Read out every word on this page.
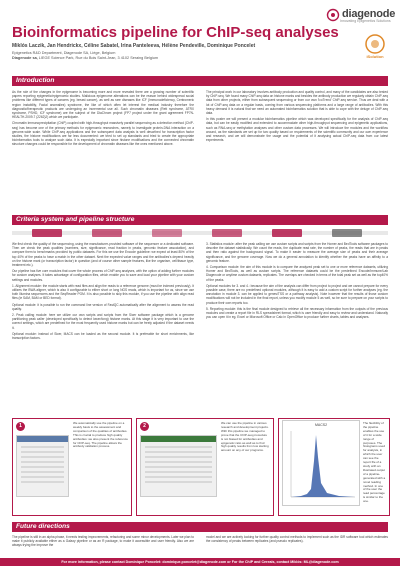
diagenode
Innovating Epigenetics Solutions
Bioinformatics pipeline for ChIP-seq analyses
Miklós Laczik, Jan Hendrickx, Céline Sabatel, Irina Panteleeva, Hélène Pendeville, Dominique Poncelet
Epigenetics R&D Department, Diagenode SA, Liège, Belgium
Diagenode sa, LIEGE Science Park, Rue du Bois Saint-Jean, 3 4102 Seraing Belgium	iSolution
Introduction

As the role of the changes in the epigenome is becoming more and more revealed there are a growing number of scientific papers reporting epigenetic/epigenomic studies. Malicious epigenome alterations can be the reason behind widespread social problems like different types of cancers (eg. breast cancer), as well as rare diseases like ICF (Immunodeficiency, Centromeric region instability, Facial anomalies) syndrome, the like of which often let interest the medical industry therefore the diagnostic/therapeutic products are undergoing an incremental use all. Such chromatin diseases (Rett syndrome, ATRX syndrome, PSHD, ICF syndrome) are the subject of the DiaChrom project (FP7 project under the grant agreement FP7N-HEALTH-2009-7 (2262)2) which we participate.

Chromatin Immunoprecipitation (ChIP) coupled with high-throughput massively parallel sequencing as a detection method (ChIP-seq) has become one of the primary methods for epigenomic researches, namely to investigate protein-DNA interaction on a genome-wide scale. While ChIP-seq applications and the subsequent data analysis is well described for transcription factor studies, the histone modifications are far less documented: we tried to set up standards and tried to create the appropriate bioinformatics tools to analyze such data. It is especially important since histone modifications and the connected chromatin structure changes could be responsible for the development of chromatin diseases like the ones mentioned above.

The principal work in our laboratory involves antibody production and quality control, and many of the candidates are also tested by ChIP-seq. We found many ChIP-seq data on histone marks and besides the antibody production we regularly obtain ChIP-seq data from other projects, either from subsequent sequencing or from our own 'IcoTrend' ChIP-seq service. Thus we deal with a lot of ChIP-seq data on a regular basis, coming from various sequencing platforms and a large range of antibodies. With this heavy demand it is natural that we need an automated bioinformatics solution that is able to cope with the deluge of ChIP-seq data.

In this poster we will present a modular bioinformatics pipeline which was developed specifically for the analysis of ChIP-seq data, but can be easily modified and extended to accommodate other high-throughput sequencing and epigenetic applications, such as RNA-seq or methylation analyses and other custom data processes. We will introduce the modules and the workflow around, as the standards we set up for two quality based on requirements of the scientific community and our own experience and research, and we will demonstrate the usage and the potential of it analysing actual ChIP-seq data from our latest experiments.

Criteria system and pipeline structure

We first check the quality of the sequencing, using the manufacturer-provided software of the sequencer or a dedicated software. Then we check the peak qualities (numbers, size, significance, read fraction in peaks, genomic feature association), and compare them to benchmarks provided by public datasets. For this we use the Encode guideline: we expect at least 80% of the top 40% of the peaks to have a match in the other dataset. Next the expected value ranges and the antibodies's depend heavily on the histone mark (or transcription factor) in question (and of course other sample features, like the organism, cell/tissue type, treatment etc.).

Our pipeline has five core modules that cover the whole process of ChIP-seq analyses, with the option of adding further modules for custom analyses. It takes advantage of configuration files, which enable you to save and load your pipeline with your custom settings and modules.

1. Alignment module: the module starts with read files and align the reads to a reference genome (must be indexed previously). It utilizes the BWA aligner, which is also it configurable to either short or long NGS reads, which is important for us, since we use both Illumina sequencers and the SeqReader PGM. It is also possible to skip this module, if you use the pipeline with align read files (ie SAM, BAM or BED format).

Optional module: it is possible to run the command line version of FastQC automatically after the alignment to assess the read quality.

2. Peak calling module: here we utilize our own scripts and scripts from the Sicer software package which is a genome partitioning peak caller (developed specifically to detect lower/long) histone marks. At this stage it is very important to use the correct settings, which are predefined for the most frequently used histone marks but can be freely adjusted if the dataset needs it.

Optional module: instead of Sicer, MACS can be loaded as the second module. It is preferable for short enrichments, like transcription factors.

3. Statistics module: after the peak calling we use custom scripts and scripts from the Homer and BedTools software packages to describe the dataset statistically. We count the reads, the duplicate read rate, the number of peaks, the reads that are in peaks and then ratio against the background signal. To make it easier to measure the average size of peaks and their average significance, and the genome coverage. Now we do a general annotation to identify whether the peaks have an affinity to a genomic feature.

4. Comparison module: the aim of this module is to compare the analyzed peak set to one or more reference datasets, utilizing Homer and BedTools, as well as custom scripts. The reference datasets could be the predefined Encode/Immune/Lab Diagenode or anytime custom datasets, replicates. The overlaps are checked in terms of the total peak set as well as the top40% of the peaks.

Optional modules for 3. and 4.: because the aim of the analysis can differ from project to project and we cannot prepare for every possible case, there are no predefined optional modules, although it is easy to add a custom script for further analyses (eg. the annotation in module 3. can be applied to genes/TSS or a pathway analysis). Note however that the results of those custom modifications will not be included in the final report, unless you modify module 5 as well, so be sure to prepare on your scripts to produce their own reports too.

5. Reporting module: this is the final module designed to retrieve all the necessary information from the outputs of the previous modules and create a report file in RLS spreadsheet format, which is user friendly and easy to review and understand. Naturally you can open it in eg. Excel or Microsoft Office or Calc in OpenOffice to produce further charts, tables and analyses.

1	We automatically use the pipeline on a weekly basis to the assessment and comparison of the qualities of antibodies. This is crucial to produce high quality antibodies: we also present the reference for ChIP-seq. The pipeline allows the antibody validation process.
2	We can use the pipeline in various research and development projects. With this pipeline we managed to prove that the ChIP-seq procedure is not biased for antibodies and epigenetic ratio as well as to find high quality results from low starting amount on any of our programs.
The flexibility of the pipeline enables the use of it for a wide range of purposes. The histograms used for analysis, in which the user can see the report file of a study with an illustrated output of a pipeline-generated with a novel reading method. In one of the user the read percentage is similar to the one.
MACS2
Future directions

The pipeline is still in an alpha phase, it needs testing improvements, refactoring and some minor developments. Later we plan to make it publicly available either as a Galaxy pipeline or as an R package, to make it accessible and user friendly. Also we are always trying the improve the

model and we are actively looking for further quality control methods to implement such as the IDR software tool which estimates the consistency of peaks between replicates (and pseudo replicates).

For more information, please contact Dominique Poncelet: dominique.poncelet@diagenode.com or For the ChIP and Cereals, contact Miklós: ML@diagenode.com
